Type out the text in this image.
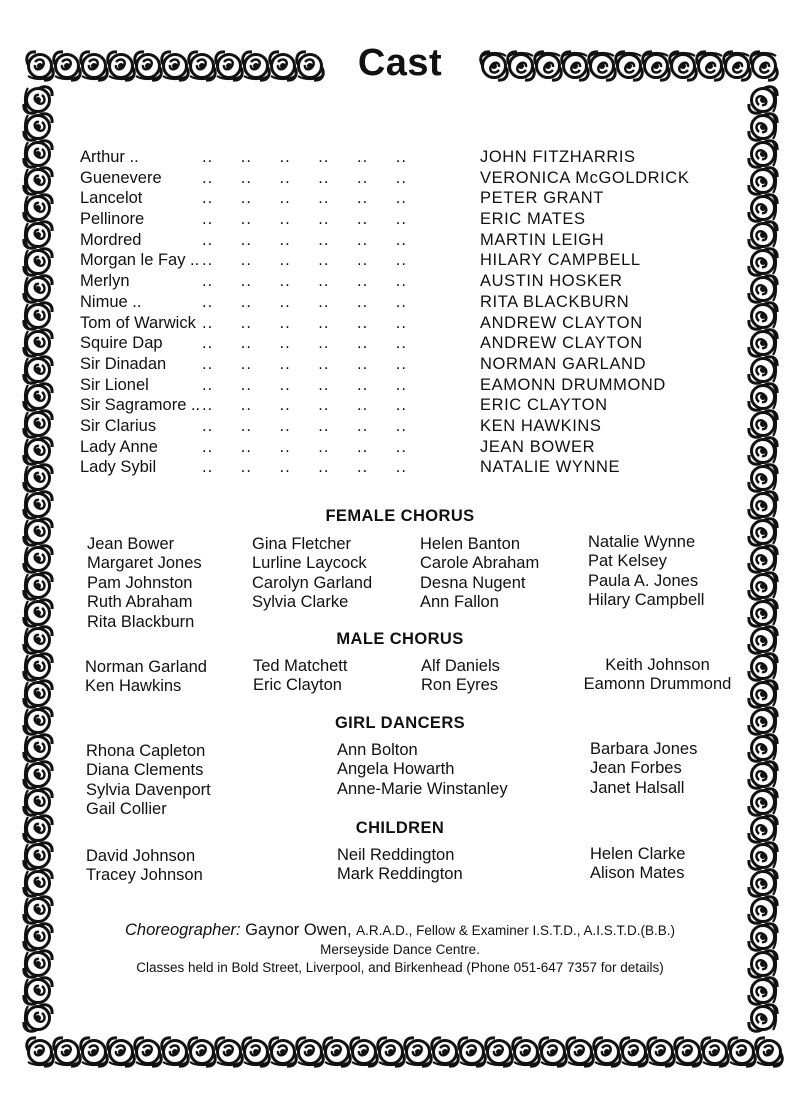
Cast
Arthur ..	.. .. .. .. .. ..	JOHN FITZHARRIS
Guenevere .. .. .. .. .. ..	VERONICA McGOLDRICK
Lancelot	.. .. .. .. .. ..	PETER GRANT
Pellinore	.. .. .. .. .. ..	ERIC MATES
Mordred	.. .. .. .. .. ..	MARTIN LEIGH
Morgan le Fay .. .. .. .. .. .. ..	HILARY CAMPBELL
Merlyn	.. .. .. .. .. ..	AUSTIN HOSKER
Nimue ..	.. .. .. .. .. ..	RITA BLACKBURN
Tom of Warwick .. .. .. .. .. ..	ANDREW CLAYTON
Squire Dap .. .. .. .. .. ..	ANDREW CLAYTON
Sir Dinadan .. .. .. .. .. ..	NORMAN GARLAND
Sir Lionel	.. .. .. .. .. ..	EAMONN DRUMMOND
Sir Sagramore .. .. .. .. .. .. ..	ERIC CLAYTON
Sir Clarius	.. .. .. .. .. ..	KEN HAWKINS
Lady Anne	.. .. .. .. .. ..	JEAN BOWER
Lady Sybil	.. .. .. .. .. ..	NATALIE WYNNE
FEMALE CHORUS
Jean Bower
Margaret Jones
Pam Johnston
Ruth Abraham
Rita Blackburn
Gina Fletcher
Lurline Laycock
Carolyn Garland
Sylvia Clarke
Helen Banton
Carole Abraham
Desna Nugent
Ann Fallon
Natalie Wynne
Pat Kelsey
Paula A. Jones
Hilary Campbell
MALE CHORUS
Norman Garland
Ken Hawkins
Ted Matchett
Eric Clayton
Alf Daniels
Ron Eyres
Keith Johnson
Eamonn Drummond
GIRL DANCERS
Rhona Capleton
Diana Clements
Sylvia Davenport
Gail Collier
Ann Bolton
Angela Howarth
Anne-Marie Winstanley
Barbara Jones
Jean Forbes
Janet Halsall
CHILDREN
David Johnson
Tracey Johnson
Neil Reddington
Mark Reddington
Helen Clarke
Alison Mates
Choreographer: Gaynor Owen, A.R.A.D., Fellow & Examiner I.S.T.D., A.I.S.T.D.(B.B.)
Merseyside Dance Centre.
Classes held in Bold Street, Liverpool, and Birkenhead (Phone 051-647 7357 for details)
